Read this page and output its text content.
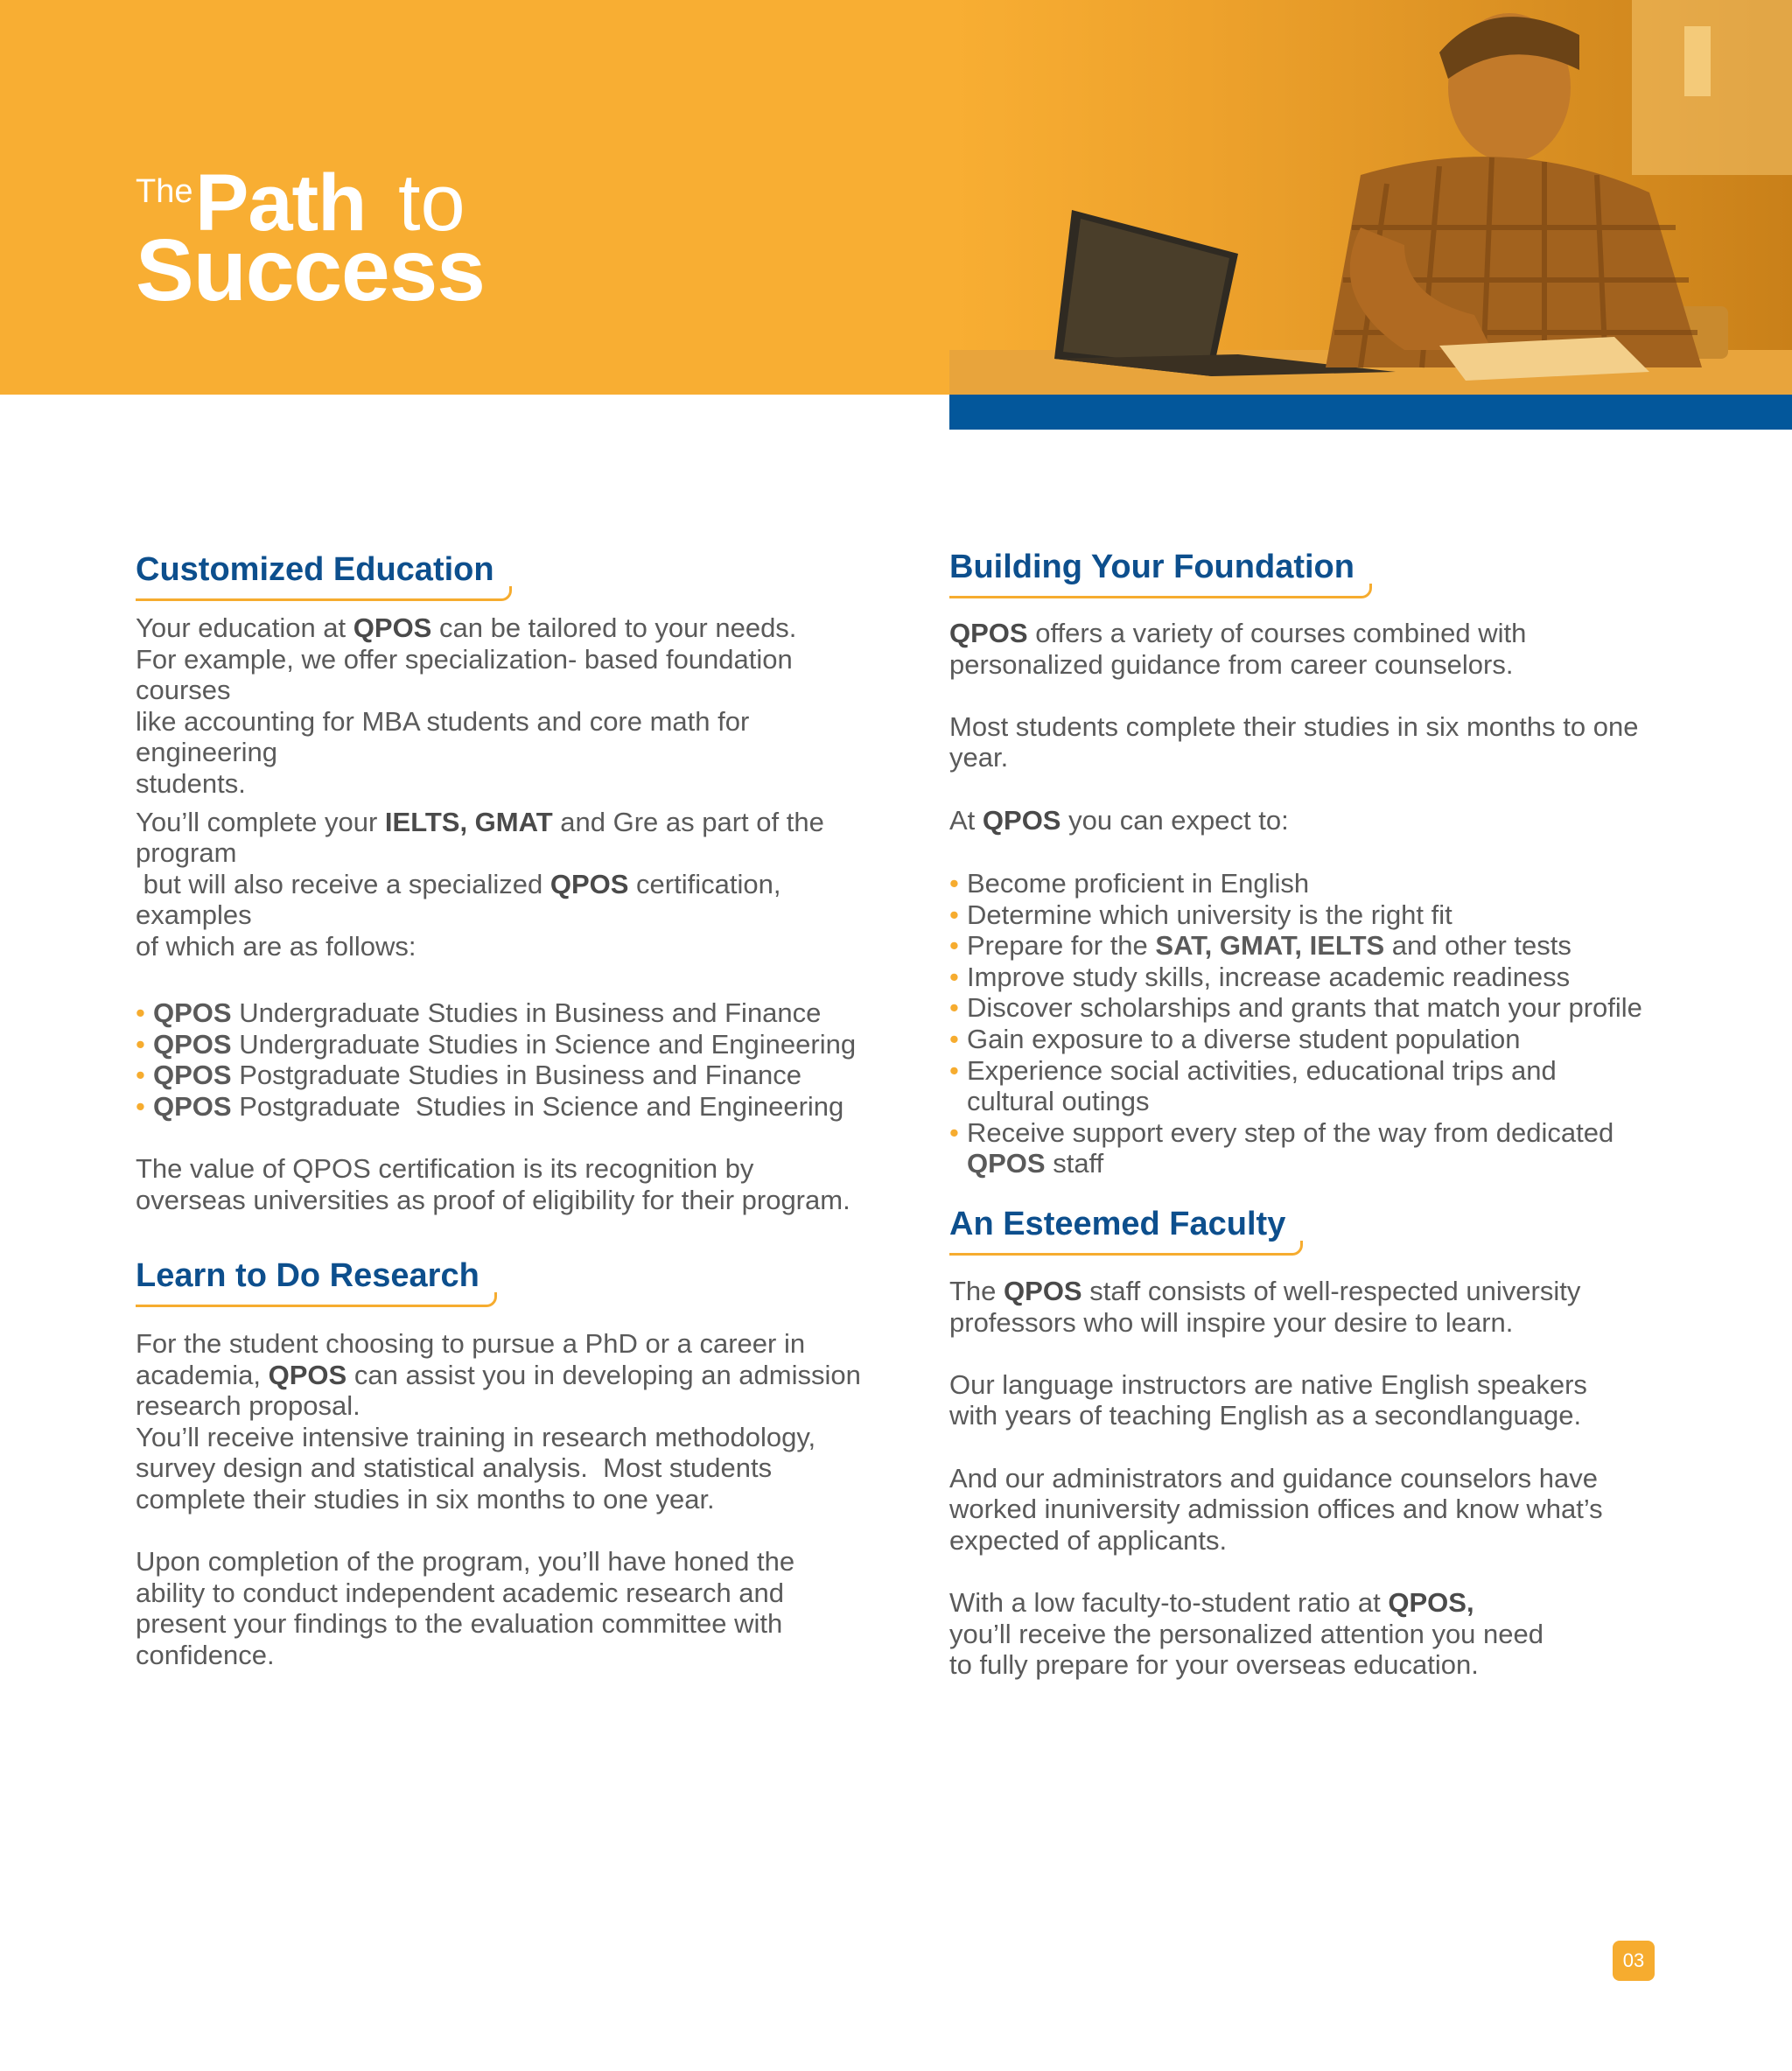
The Path to
Success
Customized Education
Your education at QPOS can be tailored to your needs.
For example, we offer specialization- based foundation
courses
like accounting for MBA students and core math for
engineering
students.
You’ll complete your IELTS, GMAT and Gre as part of the
program
but will also receive a specialized QPOS certification,
examples
of which are as follows:
• QPOS Undergraduate Studies in Business and Finance
• QPOS Undergraduate Studies in Science and Engineering
• QPOS Postgraduate Studies in Business and Finance
• QPOS Postgraduate  Studies in Science and Engineering
The value of QPOS certification is its recognition by
overseas universities as proof of eligibility for their program.
Learn to Do Research
For the student choosing to pursue a PhD or a career in
academia, QPOS can assist you in developing an admission
research proposal.
You’ll receive intensive training in research methodology,
survey design and statistical analysis.  Most students
complete their studies in six months to one year.
Upon completion of the program, you’ll have honed the
ability to conduct independent academic research and
present your findings to the evaluation committee with
confidence.
Building Your Foundation
QPOS offers a variety of courses combined with
personalized guidance from career counselors.
Most students complete their studies in six months to one
year.
At QPOS you can expect to:
• Become proficient in English
• Determine which university is the right fit
• Prepare for the SAT, GMAT, IELTS and other tests
• Improve study skills, increase academic readiness
• Discover scholarships and grants that match your profile
• Gain exposure to a diverse student population
• Experience social activities, educational trips and
cultural outings
• Receive support every step of the way from dedicated
QPOS staff
An Esteemed Faculty
The QPOS staff consists of well-respected university
professors who will inspire your desire to learn.
Our language instructors are native English speakers
with years of teaching English as a secondlanguage.
And our administrators and guidance counselors have
worked inuniversity admission offices and know what’s
expected of applicants.
With a low faculty-to-student ratio at QPOS,
you’ll receive the personalized attention you need
to fully prepare for your overseas education.
03
